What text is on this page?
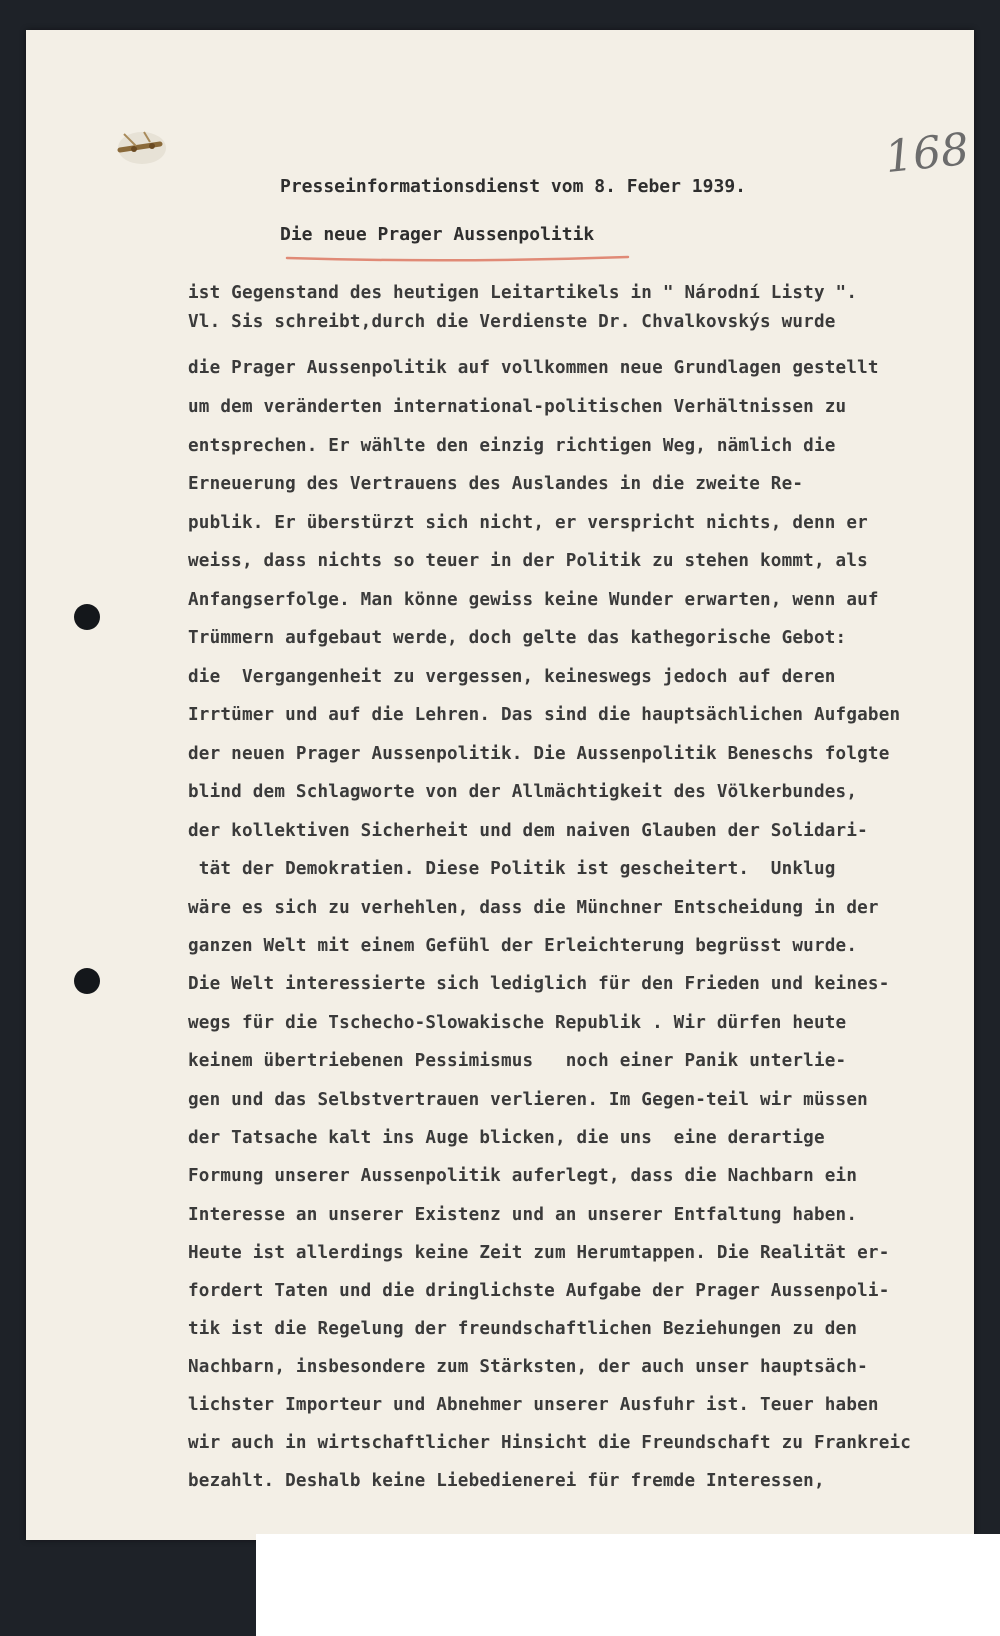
168
Presseinformationsdienst vom 8. Feber 1939.
Die neue Prager Aussenpolitik
ist Gegenstand des heutigen Leitartikels in " Národní Listy ".
Vl. Sis schreibt,durch die Verdienste Dr. Chvalkovskýs wurde
die Prager Aussenpolitik auf vollkommen neue Grundlagen gestellt
um dem veränderten international-politischen Verhältnissen zu
entsprechen. Er wählte den einzig richtigen Weg, nämlich die
Erneuerung des Vertrauens des Auslandes in die zweite Re-
publik. Er überstürzt sich nicht, er verspricht nichts, denn er
weiss, dass nichts so teuer in der Politik zu stehen kommt, als
Anfangserfolge. Man könne gewiss keine Wunder erwarten, wenn auf
Trümmern aufgebaut werde, doch gelte das kathegorische Gebot:
die  Vergangenheit zu vergessen, keineswegs jedoch auf deren
Irrtümer und auf die Lehren. Das sind die hauptsächlichen Aufgaben
der neuen Prager Aussenpolitik. Die Aussenpolitik Beneschs folgte
blind dem Schlagworte von der Allmächtigkeit des Völkerbundes,
der kollektiven Sicherheit und dem naiven Glauben der Solidari-
tät der Demokratien. Diese Politik ist gescheitert.  Unklug
wäre es sich zu verhehlen, dass die Münchner Entscheidung in der
ganzen Welt mit einem Gefühl der Erleichterung begrüsst wurde.
Die Welt interessierte sich lediglich für den Frieden und keines-
wegs für die Tschecho-Slowakische Republik . Wir dürfen heute
keinem übertriebenen Pessimismus   noch einer Panik unterlie-
gen und das Selbstvertrauen verlieren. Im Gegen-teil wir müssen
der Tatsache kalt ins Auge blicken, die uns  eine derartige
Formung unserer Aussenpolitik auferlegt, dass die Nachbarn ein
Interesse an unserer Existenz und an unserer Entfaltung haben.
Heute ist allerdings keine Zeit zum Herumtappen. Die Realität er-
fordert Taten und die dringlichste Aufgabe der Prager Aussenpoli-
tik ist die Regelung der freundschaftlichen Beziehungen zu den
Nachbarn, insbesondere zum Stärksten, der auch unser hauptsäch-
lichster Importeur und Abnehmer unserer Ausfuhr ist. Teuer haben
wir auch in wirtschaftlicher Hinsicht die Freundschaft zu Frankreic
bezahlt. Deshalb keine Liebedienerei für fremde Interessen,
